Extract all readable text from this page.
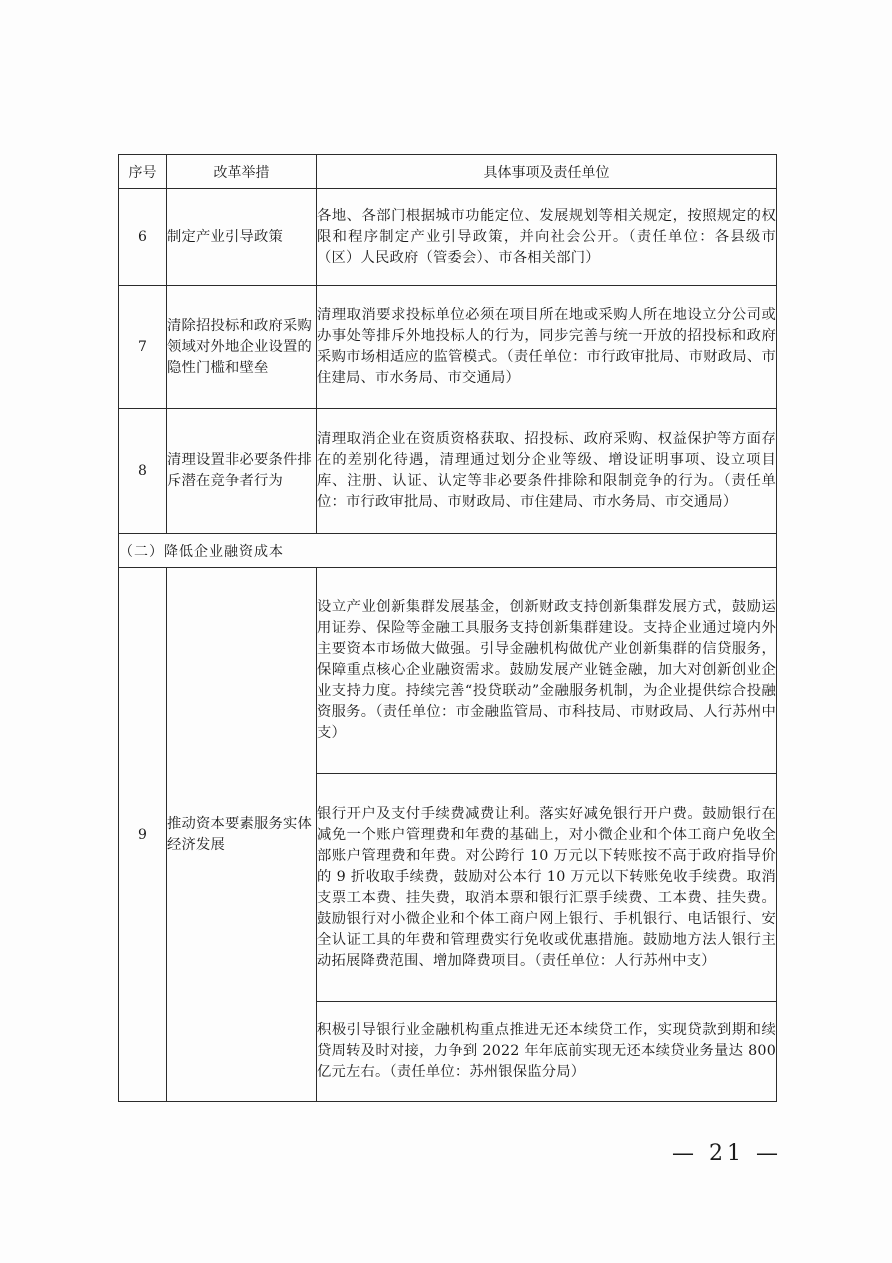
序号	改革举措	具体事项及责任单位
6	制定产业引导政策	各地、各部门根据城市功能定位、发展规划等相关规定，按照规定的权限和程序制定产业引导政策，并向社会公开。（责任单位：各县级市（区）人民政府（管委会）、市各相关部门）
7	清除招投标和政府采购领域对外地企业设置的隐性门槛和壁垒	清理取消要求投标单位必须在项目所在地或采购人所在地设立分公司或办事处等排斥外地投标人的行为，同步完善与统一开放的招投标和政府采购市场相适应的监管模式。（责任单位：市行政审批局、市财政局、市住建局、市水务局、市交通局）
8	清理设置非必要条件排斥潜在竞争者行为	清理取消企业在资质资格获取、招投标、政府采购、权益保护等方面存在的差别化待遇，清理通过划分企业等级、增设证明事项、设立项目库、注册、认证、认定等非必要条件排除和限制竞争的行为。（责任单位：市行政审批局、市财政局、市住建局、市水务局、市交通局）
（二）降低企业融资成本		
9	推动资本要素服务实体经济发展	设立产业创新集群发展基金，创新财政支持创新集群发展方式，鼓励运用证券、保险等金融工具服务支持创新集群建设。支持企业通过境内外主要资本市场做大做强。引导金融机构做优产业创新集群的信贷服务，保障重点核心企业融资需求。鼓励发展产业链金融，加大对创新创业企业支持力度。持续完善“投贷联动”金融服务机制，为企业提供综合投融资服务。（责任单位：市金融监管局、市科技局、市财政局、人行苏州中支）
		银行开户及支付手续费减费让利。落实好减免银行开户费。鼓励银行在减免一个账户管理费和年费的基础上，对小微企业和个体工商户免收全部账户管理费和年费。对公跨行 10 万元以下转账按不高于政府指导价的 9 折收取手续费，鼓励对公本行 10 万元以下转账免收手续费。取消支票工本费、挂失费，取消本票和银行汇票手续费、工本费、挂失费。鼓励银行对小微企业和个体工商户网上银行、手机银行、电话银行、安全认证工具的年费和管理费实行免收或优惠措施。鼓励地方法人银行主动拓展降费范围、增加降费项目。（责任单位：人行苏州中支）
		积极引导银行业金融机构重点推进无还本续贷工作，实现贷款到期和续贷周转及时对接，力争到 2022 年年底前实现无还本续贷业务量达 800 亿元左右。（责任单位：苏州银保监分局）
— 21 —
